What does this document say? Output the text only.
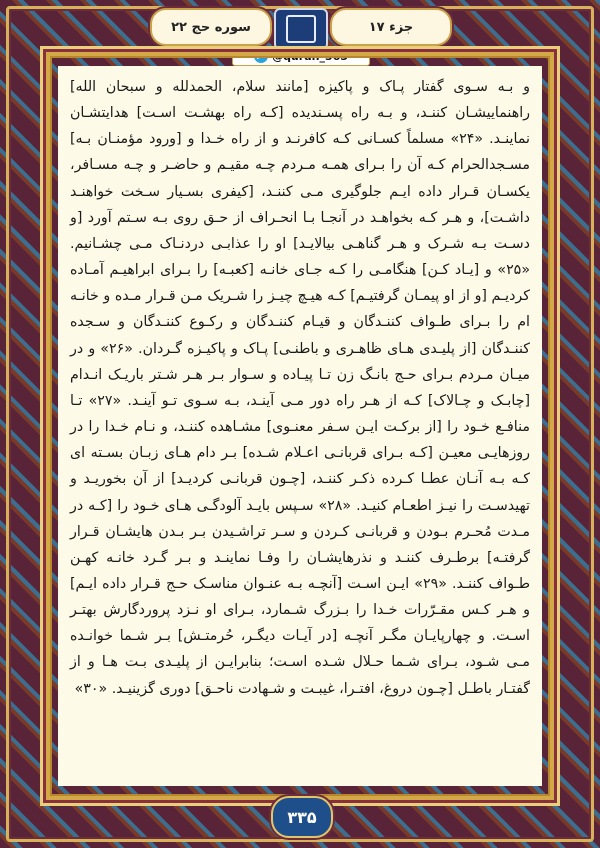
سوره حج ۲۲	جزء ۱۷
@quran_365

و بـه سـوی گفتار پـاک و پاکیزه [مانند سلام، الحمدلله و سبحان الله] راهنماییشـان کننـد، و بـه راه پسـندیده [کـه راه بهشـت اسـت] هدایتشـان نماینـد. «۲۴» مسلماً کسـانی کـه کافرنـد و از راه خـدا و [ورود مؤمنـان بـه] مسـجدالحرام کـه آن را بـرای همـه مـردم چـه مقیـم و حاضـر و چـه مسـافر، یکسـان قـرار داده ایـم جلوگیری مـی کننـد، [کیفری بسـیار سـخت خواهنـد داشـت]، و هـر کـه بخواهـد در آنجـا بـا انحـراف از حـق روی بـه سـتم آورد [و دسـت بـه شـرک و هـر گناهـی بیالایـد] او را عذابـی دردنـاک مـی چشـانیم. «۲۵» و [یـاد کـن] هنگامـی را کـه جـای خانـه [کعبـه] را بـرای ابراهیـم آمـاده کردیـم [و از او پیمـان گرفتیـم] کـه هیـچ چیـز را شـریک مـن قـرار مـده و خانـه ام را بـرای طـواف کننـدگان و قیـام کننـدگان و رکـوع کننـدگان و سـجده کننـدگان [از پلیـدی هـای ظاهـری و باطنـی] پـاک و پاکیـزه گـردان. «۲۶» و در میـان مـردم بـرای حـج بانـگ زن تـا پیـاده و سـوار بـر هـر شـتر باریـک انـدام [چابـک و چـالاک] کـه از هـر راه دور مـی آینـد، بـه سـوی تـو آینـد. «۲۷» تـا منافـع خـود را [از برکـت ایـن سـفر معنـوی] مشـاهده کننـد، و نـام خـدا را در روزهایـی معیـن [کـه بـرای قربانـی اعـلام شـده] بـر دام هـای زبـان بسـته ای کـه بـه آنـان عطـا کـرده ذکـر کننـد، [چـون قربانـی کردیـد] از آن بخوریـد و تهیدسـت را نیـز اطعـام کنیـد. «۲۸» سـپس بایـد آلودگـی هـای خـود را [کـه در مـدت مُحـرم بـودن و قربانـی کـردن و سـر تراشـیدن بـر بـدن هایشـان قـرار گرفتـه] برطـرف کننـد و نذرهایشـان را وفـا نماینـد و بـر گـرد خانـه کهـن طـواف کننـد. «۲۹» ایـن اسـت [آنچـه بـه عنـوان مناسـک حـج قـرار داده ایـم] و هـر کـس مقـرّرات خـدا را بـزرگ شـمارد، بـرای او نـزد پروردگارش بهتـر اسـت. و چهارپایـان مگـر آنچـه [در آیـات دیگـر، حُرمتـش] بـر شـما خوانـده مـی شـود، بـرای شـما حـلال شـده اسـت؛ بنابرایـن از پلیـدی بـت هـا و از گفتـار باطـل [چـون دروغ، افتـرا، غیبـت و شـهادت ناحـق] دوری گزینیـد. «۳۰»

۳۳۵
